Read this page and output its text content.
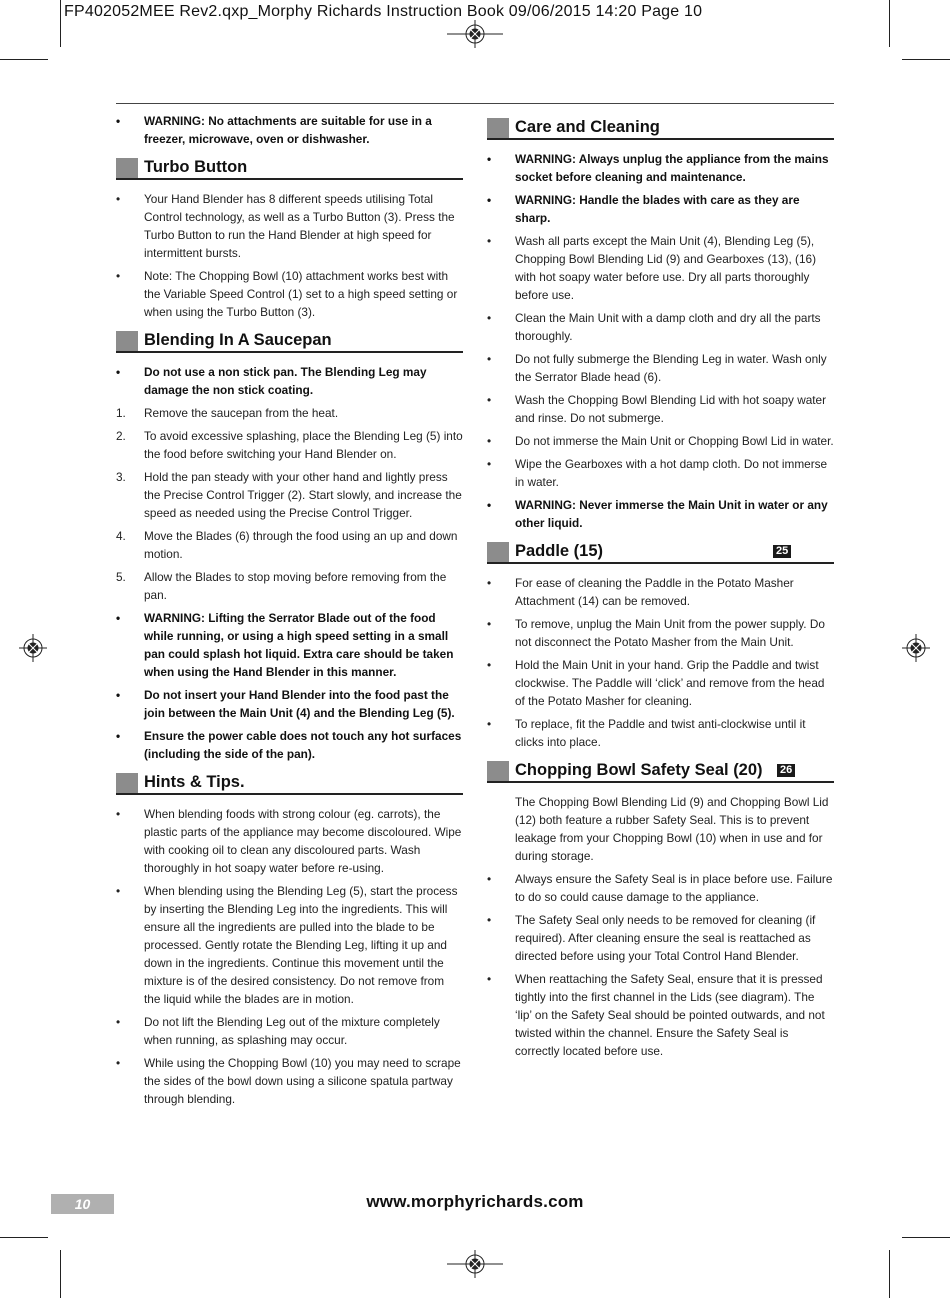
FP402052MEE Rev2.qxp_Morphy Richards Instruction Book 09/06/2015 14:20 Page 10
•	WARNING: No attachments are suitable for use in a freezer, microwave, oven or dishwasher.
Turbo Button
•	Your Hand Blender has 8 different speeds utilising Total Control technology, as well as a Turbo Button (3). Press the Turbo Button to run the Hand Blender at high speed for intermittent bursts.
•	Note: The Chopping Bowl (10) attachment works best with the Variable Speed Control (1) set to a high speed setting or when using the Turbo Button (3).
Blending In A Saucepan
•	Do not use a non stick pan. The Blending Leg may damage the non stick coating.
1.	Remove the saucepan from the heat.
2.	To avoid excessive splashing, place the Blending Leg (5) into the food before switching your Hand Blender on.
3.	Hold the pan steady with your other hand and lightly press the Precise Control Trigger (2). Start slowly, and increase the speed as needed using the Precise Control Trigger.
4.	Move the Blades (6) through the food using an up and down motion.
5.	Allow the Blades to stop moving before removing from the pan.
•	WARNING: Lifting the Serrator Blade out of the food while running, or using a high speed setting in a small pan could splash hot liquid. Extra care should be taken when using the Hand Blender in this manner.
•	Do not insert your Hand Blender into the food past the join between the Main Unit (4) and the Blending Leg (5).
•	Ensure the power cable does not touch any hot surfaces (including the side of the pan).
Hints & Tips.
•	When blending foods with strong colour (eg. carrots), the plastic parts of the appliance may become discoloured. Wipe with cooking oil to clean any discoloured parts. Wash thoroughly in hot soapy water before re-using.
•	When blending using the Blending Leg (5), start the process by inserting the Blending Leg into the ingredients. This will ensure all the ingredients are pulled into the blade to be processed. Gently rotate the Blending Leg, lifting it up and down in the ingredients. Continue this movement until the mixture is of the desired consistency. Do not remove from the liquid while the blades are in motion.
•	Do not lift the Blending Leg out of the mixture completely when running, as splashing may occur.
•	While using the Chopping Bowl (10) you may need to scrape the sides of the bowl down using a silicone spatula partway through blending.
Care and Cleaning
•	WARNING: Always unplug the appliance from the mains socket before cleaning and maintenance.
•	WARNING: Handle the blades with care as they are sharp.
•	Wash all parts except the Main Unit (4), Blending Leg (5), Chopping Bowl Blending Lid (9) and Gearboxes (13), (16) with hot soapy water before use. Dry all parts thoroughly before use.
•	Clean the Main Unit with a damp cloth and dry all the parts thoroughly.
•	Do not fully submerge the Blending Leg in water. Wash only the Serrator Blade head (6).
•	Wash the Chopping Bowl Blending Lid with hot soapy water and rinse. Do not submerge.
•	Do not immerse the Main Unit or Chopping Bowl Lid in water.
•	Wipe the Gearboxes with a hot damp cloth. Do not immerse in water.
•	WARNING: Never immerse the Main Unit in water or any other liquid.
Paddle (15)	25
•	For ease of cleaning the Paddle in the Potato Masher Attachment (14) can be removed.
•	To remove, unplug the Main Unit from the power supply. Do not disconnect the Potato Masher from the Main Unit.
•	Hold the Main Unit in your hand. Grip the Paddle and twist clockwise. The Paddle will ‘click’ and remove from the head of the Potato Masher for cleaning.
•	To replace, fit the Paddle and twist anti-clockwise until it clicks into place.
Chopping Bowl Safety Seal (20) 26
The Chopping Bowl Blending Lid (9) and Chopping Bowl Lid (12) both feature a rubber Safety Seal. This is to prevent leakage from your Chopping Bowl (10) when in use and for during storage.
•	Always ensure the Safety Seal is in place before use. Failure to do so could cause damage to the appliance.
•	The Safety Seal only needs to be removed for cleaning (if required). After cleaning ensure the seal is reattached as directed before using your Total Control Hand Blender.
•	When reattaching the Safety Seal, ensure that it is pressed tightly into the first channel in the Lids (see diagram). The ‘lip’ on the Safety Seal should be pointed outwards, and not twisted within the channel. Ensure the Safety Seal is correctly located before use.
10	www.morphyrichards.com
